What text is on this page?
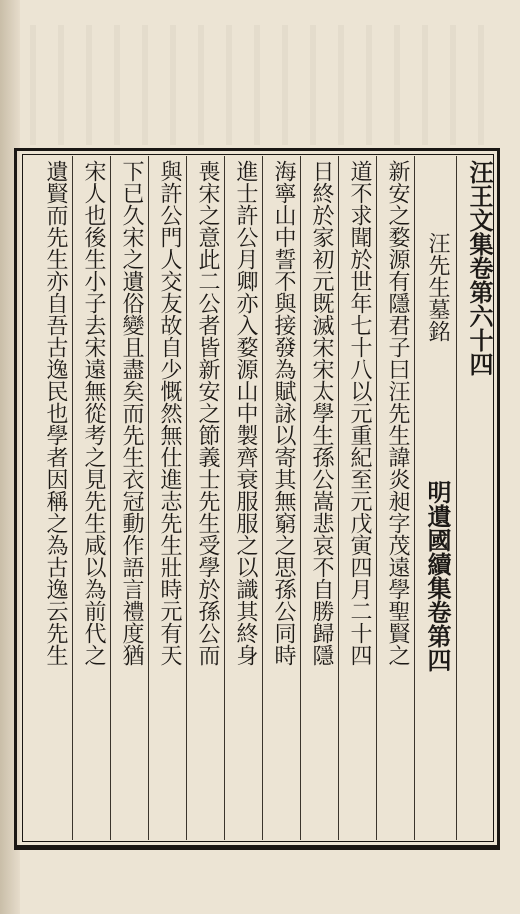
汪王文集卷第六十四
汪先生墓銘
明遺國續集卷第四
新安之婺源有隱君子曰汪先生諱炎昶字茂遠學聖賢之
道不求聞於世年七十八以元重紀至元戊寅四月二十四
日終於家初元既滅宋宋太學生孫公嵩悲哀不自勝歸隱
海寧山中誓不與接發為賦詠以寄其無窮之思孫公同時
進士許公月卿亦入婺源山中製齊衰服服之以識其終身
喪宋之意此二公者皆新安之節義士先生受學於孫公而
與許公門人交友故自少慨然無仕進志先生壯時元有天
下已久宋之遺俗變且盡矣而先生衣冠動作語言禮度猶
宋人也後生小子去宋遠無從考之見先生咸以為前代之
遺賢而先生亦自吾古逸民也學者因稱之為古逸云先生
